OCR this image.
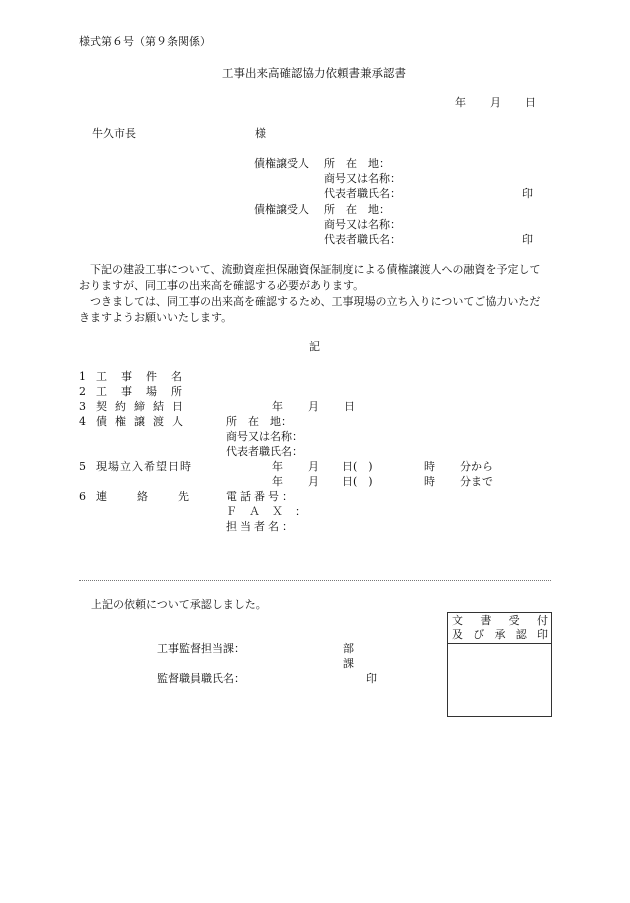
様式第６号（第９条関係）
工事出来高確認協力依頼書兼承認書
年 月 日
牛久市長	様
債権譲受人 所　在　地：
商号又は名称：
代表者職氏名：	印
債権譲受人 所　在　地：
商号又は名称：
代表者職氏名：	印

下記の建設工事について、流動資産担保融資保証制度による債権譲渡人への融資を予定しておりますが、同工事の出来高を確認する必要があります。

つきましては、同工事の出来高を確認するため、工事現場の立ち入りについてご協力いただきますようお願いいたします。

記
1 工事件名
2 工事場所
3 契約締結日	年 月 日
4 債権譲渡人	所　在　地：
商号又は名称：
代表者職氏名：
5 現場立入希望日時	年 月 日(　)	時 分から
年 月 日(　)	時 分まで
6 連絡先 電話番号：
ＦＡＸ：
担当者名：
上記の依頼について承認しました。
工事監督担当課：	部
課
監督職員職氏名：	印
文 書 受 付
及 び 承 認 印
